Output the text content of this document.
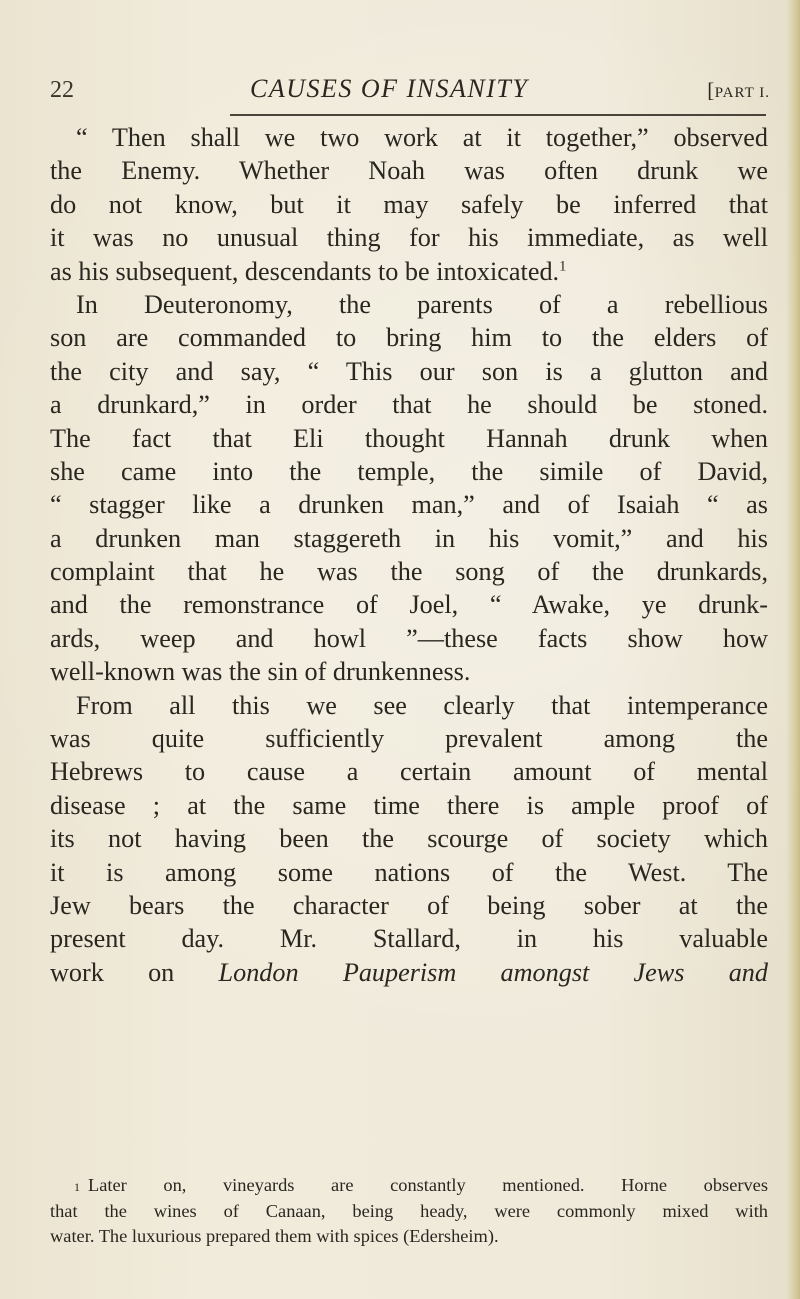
22	CAUSES OF INSANITY	[PART I.
“ Then shall we two work at it together,” observed
the Enemy. Whether Noah was often drunk we
do not know, but it may safely be inferred that
it was no unusual thing for his immediate, as well
as his subsequent, descendants to be intoxicated.$^1$
In Deuteronomy, the parents of a rebellious
son are commanded to bring him to the elders of
the city and say, “ This our son is a glutton and
a drunkard,” in order that he should be stoned.
The fact that Eli thought Hannah drunk when
she came into the temple, the simile of David,
“ stagger like a drunken man,” and of Isaiah “ as
a drunken man staggereth in his vomit,” and his
complaint that he was the song of the drunkards,
and the remonstrance of Joel, “ Awake, ye drunk-
ards, weep and howl ”—these facts show how
well-known was the sin of drunkenness.
From all this we see clearly that intemperance
was quite sufficiently prevalent among the
Hebrews to cause a certain amount of mental
disease ; at the same time there is ample proof of
its not having been the scourge of society which
it is among some nations of the West. The
Jew bears the character of being sober at the
present day. Mr. Stallard, in his valuable
work on London Pauperism amongst Jews and
1 Later on, vineyards are constantly mentioned. Horne observes
that the wines of Canaan, being heady, were commonly mixed with
water. The luxurious prepared them with spices (Edersheim).
